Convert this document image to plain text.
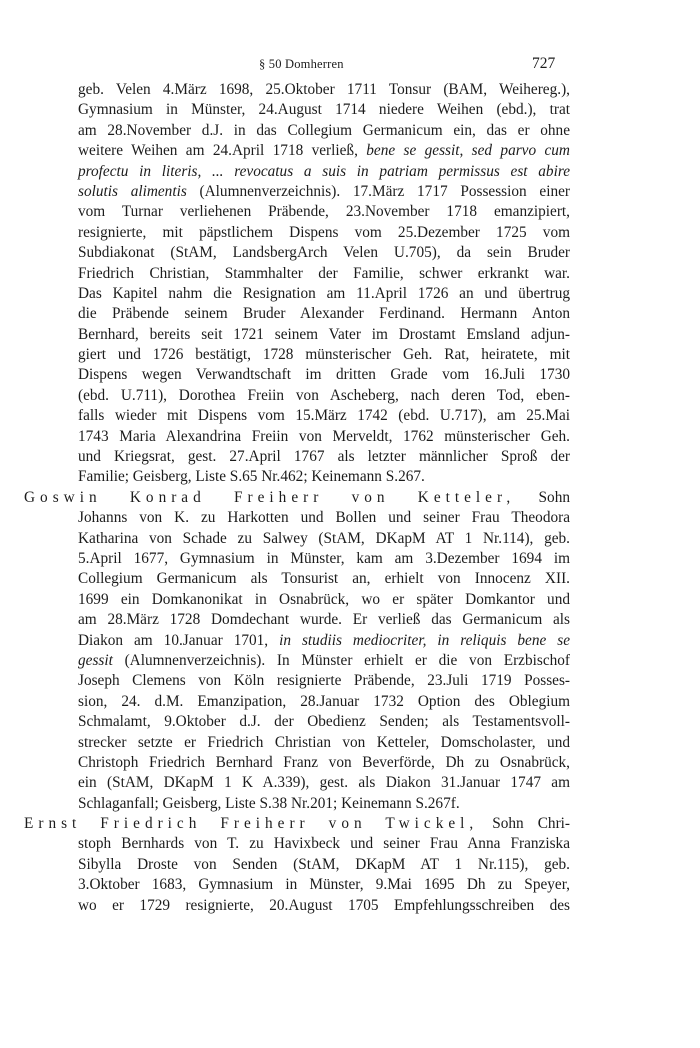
§ 50 Domherren	727
geb. Velen 4.März 1698, 25.Oktober 1711 Tonsur (BAM, Weihereg.),
Gymnasium in Münster, 24.August 1714 niedere Weihen (ebd.), trat
am 28.November d.J. in das Collegium Germanicum ein, das er ohne
weitere Weihen am 24.April 1718 verließ, bene se gessit, sed parvo cum
profectu in literis, ... revocatus a suis in patriam permissus est abire
solutis alimentis (Alumnenverzeichnis). 17.März 1717 Possession einer
vom Turnar verliehenen Präbende, 23.November 1718 emanzipiert,
resignierte, mit päpstlichem Dispens vom 25.Dezember 1725 vom
Subdiakonat (StAM, LandsbergArch Velen U.705), da sein Bruder
Friedrich Christian, Stammhalter der Familie, schwer erkrankt war.
Das Kapitel nahm die Resignation am 11.April 1726 an und übertrug
die Präbende seinem Bruder Alexander Ferdinand. Hermann Anton
Bernhard, bereits seit 1721 seinem Vater im Drostamt Emsland adjun-
giert und 1726 bestätigt, 1728 münsterischer Geh. Rat, heiratete, mit
Dispens wegen Verwandtschaft im dritten Grade vom 16.Juli 1730
(ebd. U.711), Dorothea Freiin von Ascheberg, nach deren Tod, eben-
falls wieder mit Dispens vom 15.März 1742 (ebd. U.717), am 25.Mai
1743 Maria Alexandrina Freiin von Merveldt, 1762 münsterischer Geh.
und Kriegsrat, gest. 27.April 1767 als letzter männlicher Sproß der
Familie; Geisberg, Liste S.65 Nr.462; Keinemann S.267.
Goswin Konrad Freiherr von Ketteler, Sohn
Johanns von K. zu Harkotten und Bollen und seiner Frau Theodora
Katharina von Schade zu Salwey (StAM, DKapM AT 1 Nr.114), geb.
5.April 1677, Gymnasium in Münster, kam am 3.Dezember 1694 im
Collegium Germanicum als Tonsurist an, erhielt von Innocenz XII.
1699 ein Domkanonikat in Osnabrück, wo er später Domkantor und
am 28.März 1728 Domdechant wurde. Er verließ das Germanicum als
Diakon am 10.Januar 1701, in studiis mediocriter, in reliquis bene se
gessit (Alumnenverzeichnis). In Münster erhielt er die von Erzbischof
Joseph Clemens von Köln resignierte Präbende, 23.Juli 1719 Posses-
sion, 24. d.M. Emanzipation, 28.Januar 1732 Option des Oblegium
Schmalamt, 9.Oktober d.J. der Obedienz Senden; als Testamentsvoll-
strecker setzte er Friedrich Christian von Ketteler, Domscholaster, und
Christoph Friedrich Bernhard Franz von Beverförde, Dh zu Osnabrück,
ein (StAM, DKapM 1 K A.339), gest. als Diakon 31.Januar 1747 am
Schlaganfall; Geisberg, Liste S.38 Nr.201; Keinemann S.267f.
Ernst Friedrich Freiherr von Twickel, Sohn Chri-
stoph Bernhards von T. zu Havixbeck und seiner Frau Anna Franziska
Sibylla Droste von Senden (StAM, DKapM AT 1 Nr.115), geb.
3.Oktober 1683, Gymnasium in Münster, 9.Mai 1695 Dh zu Speyer,
wo er 1729 resignierte, 20.August 1705 Empfehlungsschreiben des
